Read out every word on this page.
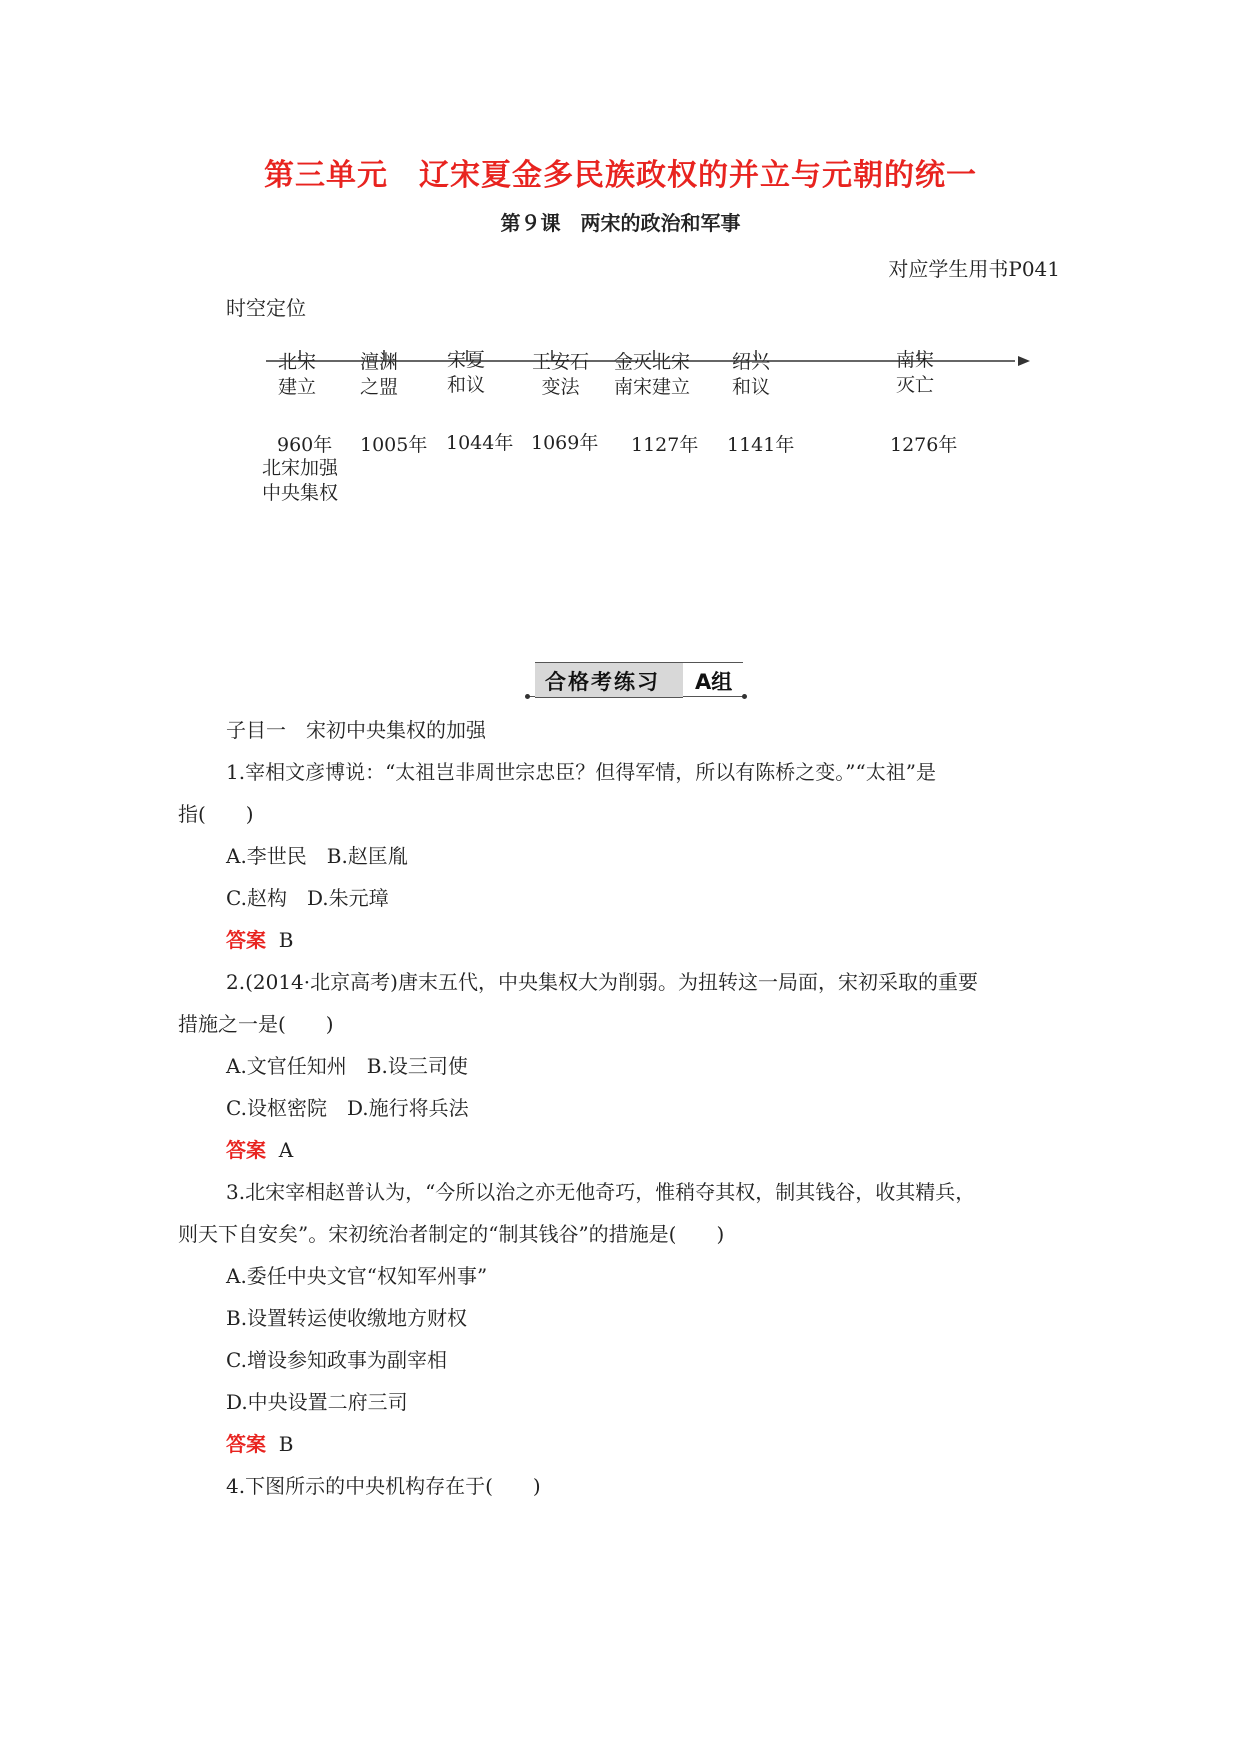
第三单元　辽宋夏金多民族政权的并立与元朝的统一
第９课　两宋的政治和军事
对应学生用书P041
时空定位
北宋
建立
澶渊
之盟
宋夏
和议
王安石
变法
金灭北宋
南宋建立
绍兴
和议
南宋
灭亡
960年 1005年 1044年 1069年 1127年 1141年	1276年
北宋加强
中央集权
合格考练习 A组
子目一　宋初中央集权的加强
1.宰相文彦博说：“太祖岂非周世宗忠臣？但得军情，所以有陈桥之变。”“太祖”是
指(　　)
A.李世民　B.赵匡胤
C.赵构　D.朱元璋
答案 B
2.(2014·北京高考)唐末五代，中央集权大为削弱。为扭转这一局面，宋初采取的重要
措施之一是(　　)
A.文官任知州　B.设三司使
C.设枢密院　D.施行将兵法
答案 A
3.北宋宰相赵普认为，“今所以治之亦无他奇巧，惟稍夺其权，制其钱谷，收其精兵，
则天下自安矣”。宋初统治者制定的“制其钱谷”的措施是(　　)
A.委任中央文官“权知军州事”
B.设置转运使收缴地方财权
C.增设参知政事为副宰相
D.中央设置二府三司
答案 B
4.下图所示的中央机构存在于(　　)
